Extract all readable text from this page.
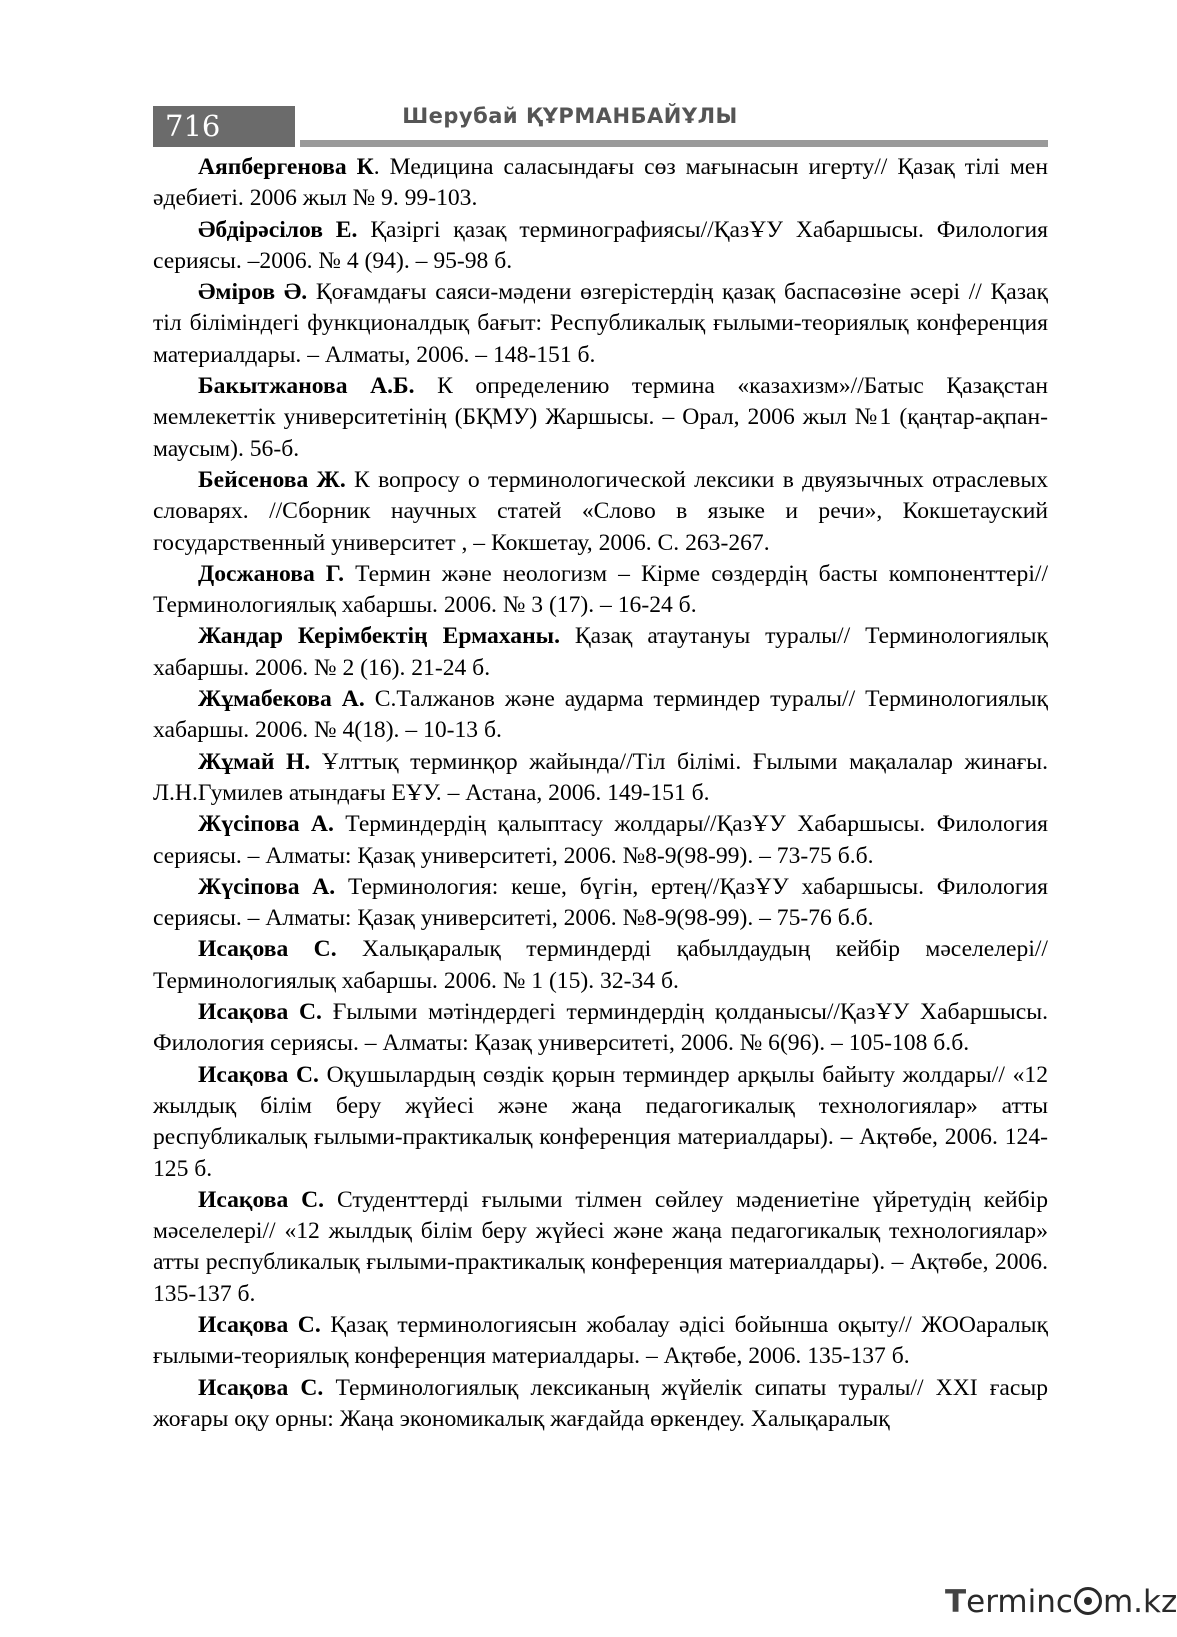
716	Шерубай ҚҰРМАНБАЙҰЛЫ

Аяпбергенова К. Медицина саласындағы сөз мағынасын игерту// Қазақ тілі мен әдебиеті. 2006 жыл № 9. 99-103.

Әбдірәсілов Е. Қазіргі қазақ терминографиясы//ҚазҰУ Хабаршысы. Филология сериясы. –2006. № 4 (94). – 95-98 б.

Әміров Ә. Қоғамдағы саяси-мәдени өзгерістердің қазақ баспасөзіне әсері // Қазақ тіл біліміндегі функционалдық бағыт: Республикалық ғылыми-теориялық конференция материалдары. – Алматы, 2006. – 148-151 б.

Бакытжанова А.Б. К определению термина «казахизм»//Батыс Қазақстан мемлекеттік университетінің (БҚМУ) Жаршысы. – Орал, 2006 жыл №1 (қаңтар-ақпан-маусым). 56-б.

Бейсенова Ж. К вопросу о терминологической лексики в двуязычных отраслевых словарях. //Сборник научных статей «Слово в языке и речи», Кокшетауский государственный университет , – Кокшетау, 2006. С. 263-267.

Досжанова Г. Термин және неологизм – Кірме сөздердің басты компоненттері//Терминологиялық хабаршы. 2006. № 3 (17). – 16-24 б.

Жандар Керімбектің Ермаханы. Қазақ атаутануы туралы// Терминологиялық хабаршы. 2006. № 2 (16). 21-24 б.

Жұмабекова А. С.Талжанов және аударма терминдер туралы// Терминологиялық хабаршы. 2006. № 4(18). – 10-13 б.

Жұмай Н. Ұлттық терминқор жайында//Тіл білімі. Ғылыми мақалалар жинағы. Л.Н.Гумилев атындағы ЕҰУ. – Астана, 2006. 149-151 б.

Жүсіпова А. Терминдердің қалыптасу жолдары//ҚазҰУ Хабаршысы. Филология сериясы. – Алматы: Қазақ университеті, 2006. №8-9(98-99). – 73-75 б.б.

Жүсіпова А. Терминология: кеше, бүгін, ертең//ҚазҰУ хабаршысы. Филология сериясы. – Алматы: Қазақ университеті, 2006. №8-9(98-99). – 75-76 б.б.

Исақова С. Халықаралық терминдерді қабылдаудың кейбір мәселелері// Терминологиялық хабаршы. 2006. № 1 (15). 32-34 б.

Исақова С. Ғылыми мәтіндердегі терминдердің қолданысы//ҚазҰУ Хабаршысы. Филология сериясы. – Алматы: Қазақ университеті, 2006. № 6(96). – 105-108 б.б.

Исақова С. Оқушылардың сөздік қорын терминдер арқылы байыту жолдары// «12 жылдық білім беру жүйесі және жаңа педагогикалық технологиялар» атты республикалық ғылыми-практикалық конференция материалдары). – Ақтөбе, 2006. 124-125 б.

Исақова С. Студенттерді ғылыми тілмен сөйлеу мәдениетіне үйретудің кейбір мәселелері// «12 жылдық білім беру жүйесі және жаңа педагогикалық технологиялар» атты республикалық ғылыми-практикалық конференция материалдары). – Ақтөбе, 2006. 135-137 б.

Исақова С. Қазақ терминологиясын жобалау әдісі бойынша оқыту// ЖООаралық ғылыми-теориялық конференция материалдары. – Ақтөбе, 2006. 135-137 б.

Исақова С. Терминологиялық лексиканың жүйелік сипаты туралы// XXI ғасыр жоғары оқу орны: Жаңа экономикалық жағдайда өркендеу. Халықаралық

Terminc m.kz
